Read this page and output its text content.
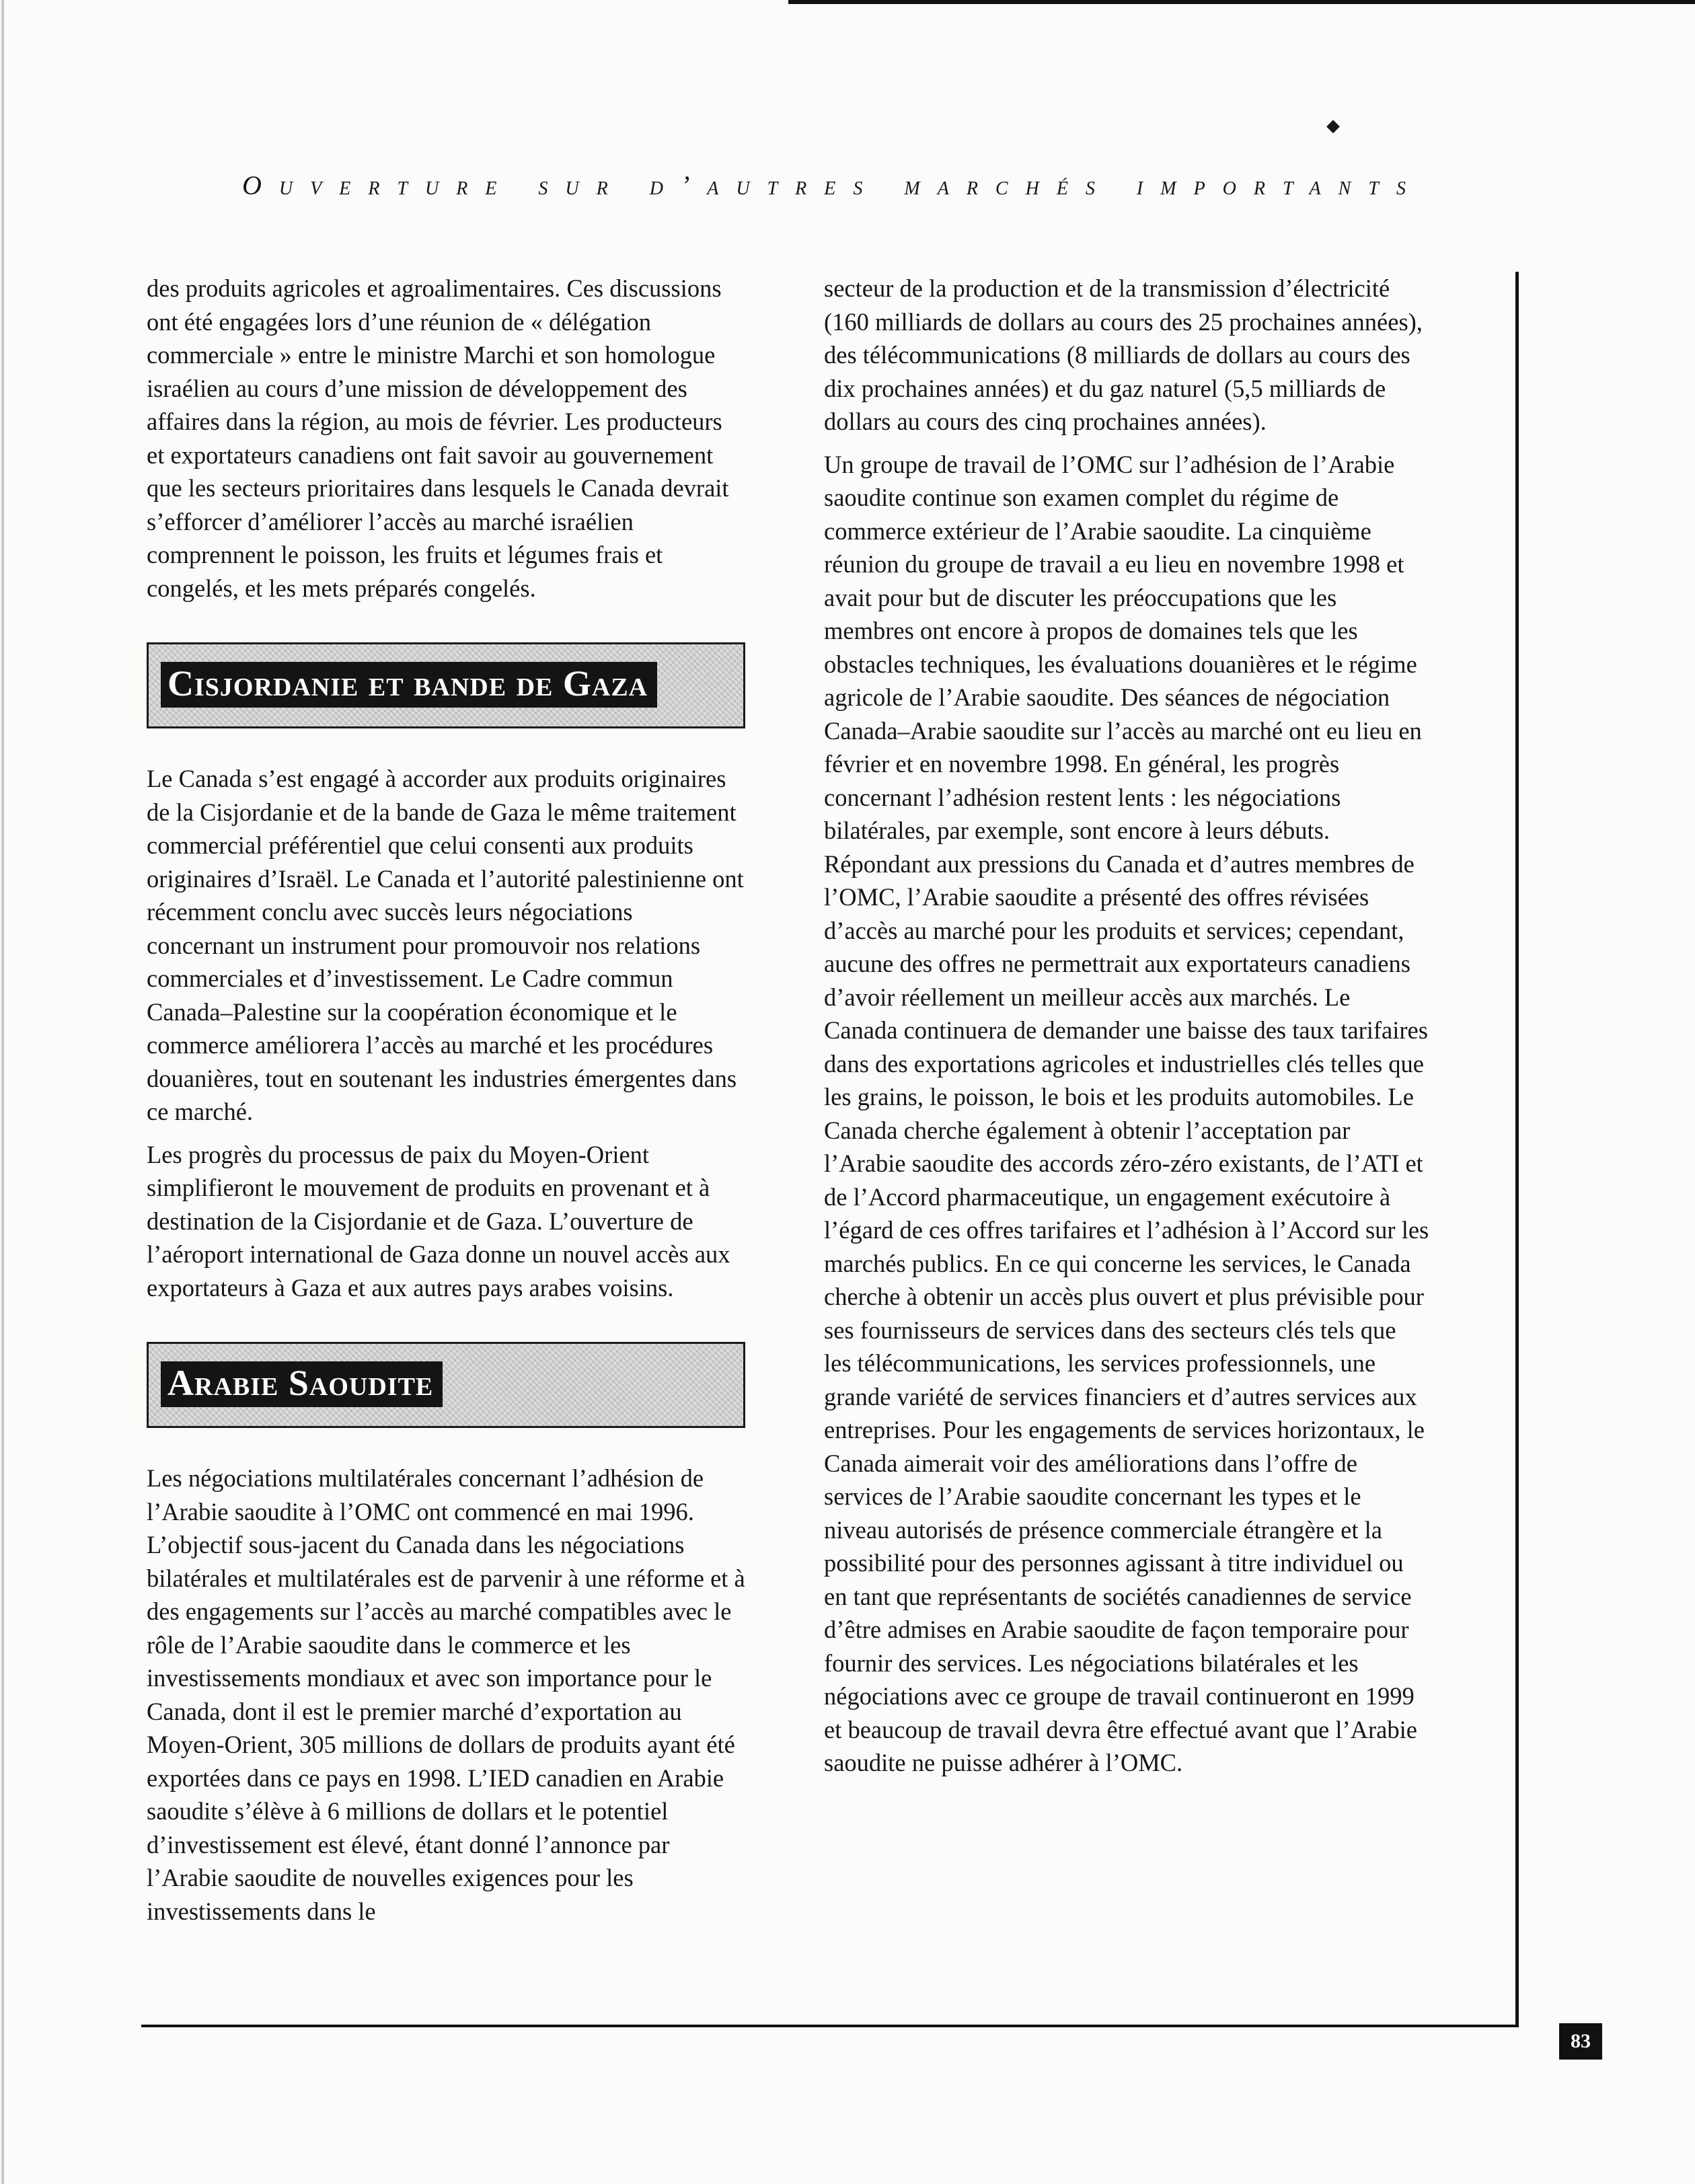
◆
Ouverture sur d’autres marchés importants

des produits agricoles et agroalimentaires. Ces discussions ont été engagées lors d’une réunion de « délégation commerciale » entre le ministre Marchi et son homologue israélien au cours d’une mission de développement des affaires dans la région, au mois de février. Les producteurs et exportateurs canadiens ont fait savoir au gouvernement que les secteurs prioritaires dans lesquels le Canada devrait s’efforcer d’améliorer l’accès au marché israélien comprennent le poisson, les fruits et légumes frais et congelés, et les mets préparés congelés.

Cisjordanie et bande de Gaza

Le Canada s’est engagé à accorder aux produits originaires de la Cisjordanie et de la bande de Gaza le même traitement commercial préférentiel que celui consenti aux produits originaires d’Israël. Le Canada et l’autorité palestinienne ont récemment conclu avec succès leurs négociations concernant un instrument pour promouvoir nos relations commerciales et d’investissement. Le Cadre commun Canada–Palestine sur la coopération économique et le commerce améliorera l’accès au marché et les procédures douanières, tout en soutenant les industries émergentes dans ce marché.

Les progrès du processus de paix du Moyen-Orient simplifieront le mouvement de produits en provenant et à destination de la Cisjordanie et de Gaza. L’ouverture de l’aéroport international de Gaza donne un nouvel accès aux exportateurs à Gaza et aux autres pays arabes voisins.

Arabie Saoudite

Les négociations multilatérales concernant l’adhésion de l’Arabie saoudite à l’OMC ont commencé en mai 1996. L’objectif sous-jacent du Canada dans les négociations bilatérales et multilatérales est de parvenir à une réforme et à des engagements sur l’accès au marché compatibles avec le rôle de l’Arabie saoudite dans le commerce et les investissements mondiaux et avec son importance pour le Canada, dont il est le premier marché d’exportation au Moyen-Orient, 305 millions de dollars de produits ayant été exportées dans ce pays en 1998. L’IED canadien en Arabie saoudite s’élève à 6 millions de dollars et le potentiel d’investissement est élevé, étant donné l’annonce par l’Arabie saoudite de nouvelles exigences pour les investissements dans le

secteur de la production et de la transmission d’électricité (160 milliards de dollars au cours des 25 prochaines années), des télécommunications (8 milliards de dollars au cours des dix prochaines années) et du gaz naturel (5,5 milliards de dollars au cours des cinq prochaines années).

Un groupe de travail de l’OMC sur l’adhésion de l’Arabie saoudite continue son examen complet du régime de commerce extérieur de l’Arabie saoudite. La cinquième réunion du groupe de travail a eu lieu en novembre 1998 et avait pour but de discuter les préoccupations que les membres ont encore à propos de domaines tels que les obstacles techniques, les évaluations douanières et le régime agricole de l’Arabie saoudite. Des séances de négociation Canada–Arabie saoudite sur l’accès au marché ont eu lieu en février et en novembre 1998. En général, les progrès concernant l’adhésion restent lents : les négociations bilatérales, par exemple, sont encore à leurs débuts. Répondant aux pressions du Canada et d’autres membres de l’OMC, l’Arabie saoudite a présenté des offres révisées d’accès au marché pour les produits et services; cependant, aucune des offres ne permettrait aux exportateurs canadiens d’avoir réellement un meilleur accès aux marchés. Le Canada continuera de demander une baisse des taux tarifaires dans des exportations agricoles et industrielles clés telles que les grains, le poisson, le bois et les produits automobiles. Le Canada cherche également à obtenir l’acceptation par l’Arabie saoudite des accords zéro-zéro existants, de l’ATI et de l’Accord pharmaceutique, un engagement exécutoire à l’égard de ces offres tarifaires et l’adhésion à l’Accord sur les marchés publics. En ce qui concerne les services, le Canada cherche à obtenir un accès plus ouvert et plus prévisible pour ses fournisseurs de services dans des secteurs clés tels que les télécommunications, les services professionnels, une grande variété de services financiers et d’autres services aux entreprises. Pour les engagements de services horizontaux, le Canada aimerait voir des améliorations dans l’offre de services de l’Arabie saoudite concernant les types et le niveau autorisés de présence commerciale étrangère et la possibilité pour des personnes agissant à titre individuel ou en tant que représentants de sociétés canadiennes de service d’être admises en Arabie saoudite de façon temporaire pour fournir des services. Les négociations bilatérales et les négociations avec ce groupe de travail continueront en 1999 et beaucoup de travail devra être effectué avant que l’Arabie saoudite ne puisse adhérer à l’OMC.

83
